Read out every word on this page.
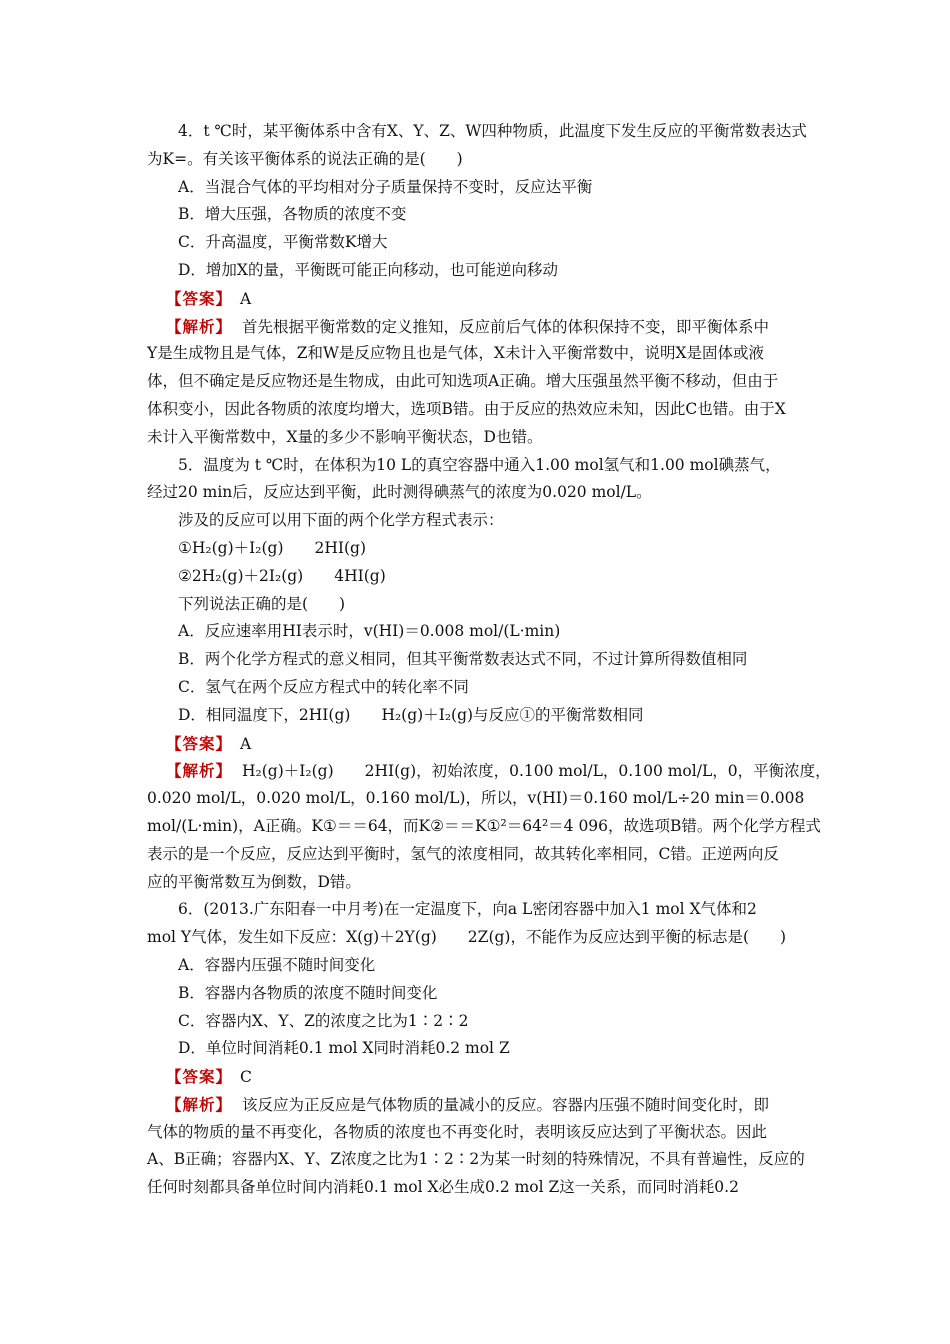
4．t ℃时，某平衡体系中含有X、Y、Z、W四种物质，此温度下发生反应的平衡常数表达式
为K=。有关该平衡体系的说法正确的是(　　)
A．当混合气体的平均相对分子质量保持不变时，反应达平衡
B．增大压强，各物质的浓度不变
C．升高温度，平衡常数K增大
D．增加X的量，平衡既可能正向移动，也可能逆向移动
【答案】 A
【解析】 首先根据平衡常数的定义推知，反应前后气体的体积保持不变，即平衡体系中
Y是生成物且是气体，Z和W是反应物且也是气体，X未计入平衡常数中，说明X是固体或液
体，但不确定是反应物还是生物成，由此可知选项A正确。增大压强虽然平衡不移动，但由于
体积变小，因此各物质的浓度均增大，选项B错。由于反应的热效应未知，因此C也错。由于X
未计入平衡常数中，X量的多少不影响平衡状态，D也错。
5．温度为 t ℃时，在体积为10 L的真空容器中通入1.00 mol氢气和1.00 mol碘蒸气，
经过20 min后，反应达到平衡，此时测得碘蒸气的浓度为0.020 mol/L。
涉及的反应可以用下面的两个化学方程式表示：
①H₂(g)＋I₂(g)　　2HI(g)
②2H₂(g)＋2I₂(g)　　4HI(g)
下列说法正确的是(　　)
A．反应速率用HI表示时，v(HI)＝0.008 mol/(L·min)
B．两个化学方程式的意义相同，但其平衡常数表达式不同，不过计算所得数值相同
C．氢气在两个反应方程式中的转化率不同
D．相同温度下，2HI(g)　　H₂(g)＋I₂(g)与反应①的平衡常数相同
【答案】 A
【解析】 H₂(g)＋I₂(g)　　2HI(g)，初始浓度，0.100 mol/L，0.100 mol/L，0，平衡浓度，
0.020 mol/L，0.020 mol/L，0.160 mol/L)，所以，v(HI)＝0.160 mol/L÷20 min＝0.008
mol/(L·min)，A正确。K①＝＝64，而K②＝＝K①²＝64²＝4 096，故选项B错。两个化学方程式
表示的是一个反应，反应达到平衡时，氢气的浓度相同，故其转化率相同，C错。正逆两向反
应的平衡常数互为倒数，D错。
6．(2013.广东阳春一中月考)在一定温度下，向a L密闭容器中加入1 mol X气体和2
mol Y气体，发生如下反应：X(g)＋2Y(g)　　2Z(g)，不能作为反应达到平衡的标志是(　　)
A．容器内压强不随时间变化
B．容器内各物质的浓度不随时间变化
C．容器内X、Y、Z的浓度之比为1∶2∶2
D．单位时间消耗0.1 mol X同时消耗0.2 mol Z
【答案】 C
【解析】 该反应为正反应是气体物质的量减小的反应。容器内压强不随时间变化时，即
气体的物质的量不再变化，各物质的浓度也不再变化时，表明该反应达到了平衡状态。因此
A、B正确；容器内X、Y、Z浓度之比为1∶2∶2为某一时刻的特殊情况，不具有普遍性，反应的
任何时刻都具备单位时间内消耗0.1 mol X必生成0.2 mol Z这一关系，而同时消耗0.2
